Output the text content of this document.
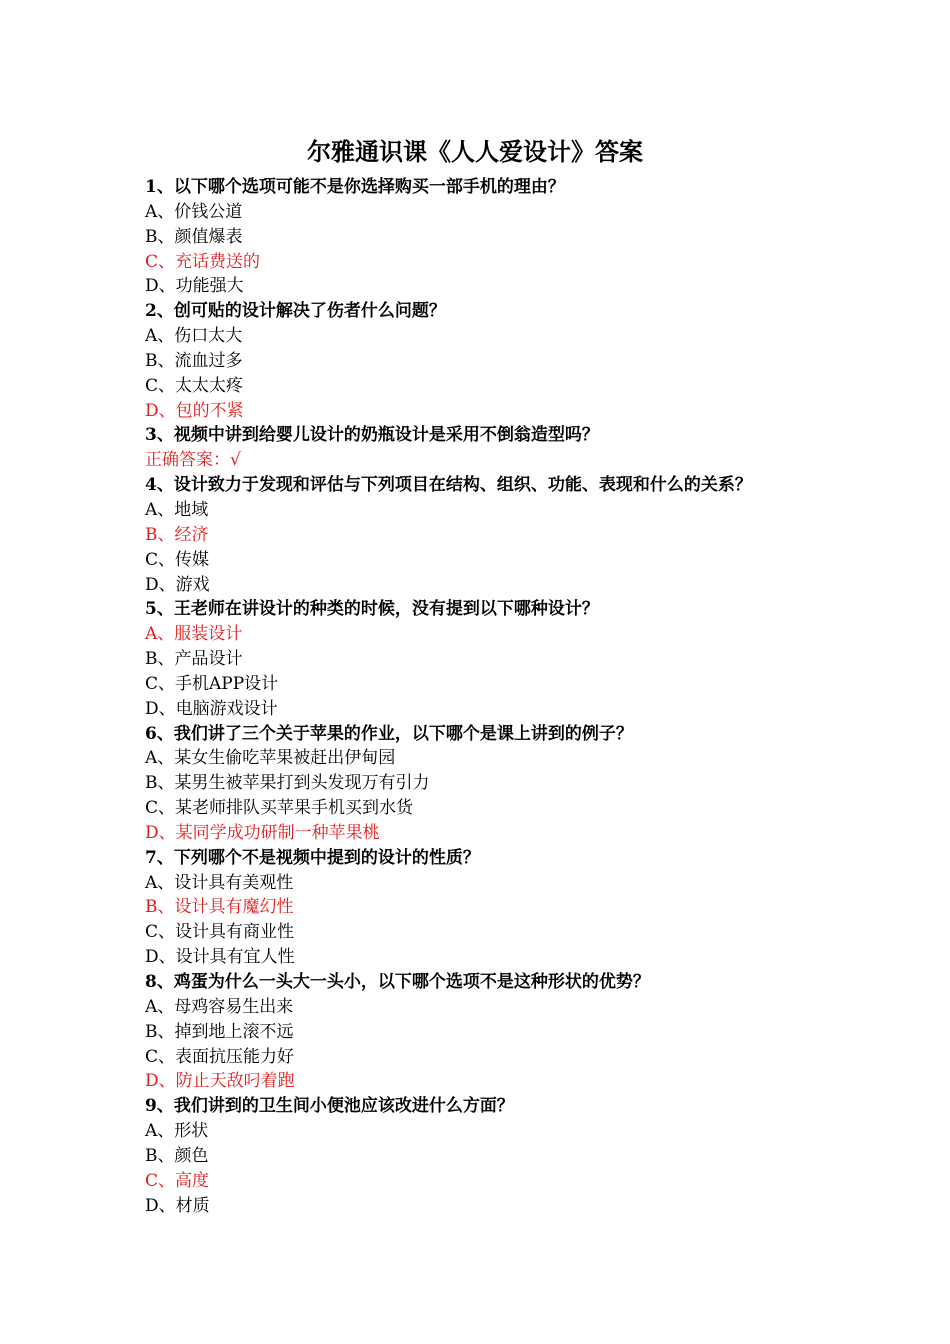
尔雅通识课《人人爱设计》答案
1、以下哪个选项可能不是你选择购买一部手机的理由？
A、价钱公道
B、颜值爆表
C、充话费送的
D、功能强大
2、创可贴的设计解决了伤者什么问题？
A、伤口太大
B、流血过多
C、太太太疼
D、包的不紧
3、视频中讲到给婴儿设计的奶瓶设计是采用不倒翁造型吗？
正确答案：√
4、设计致力于发现和评估与下列项目在结构、组织、功能、表现和什么的关系？
A、地域
B、经济
C、传媒
D、游戏
5、王老师在讲设计的种类的时候，没有提到以下哪种设计？
A、服装设计
B、产品设计
C、手机APP设计
D、电脑游戏设计
6、我们讲了三个关于苹果的作业，以下哪个是课上讲到的例子？
A、某女生偷吃苹果被赶出伊甸园
B、某男生被苹果打到头发现万有引力
C、某老师排队买苹果手机买到水货
D、某同学成功研制一种苹果桃
7、下列哪个不是视频中提到的设计的性质？
A、设计具有美观性
B、设计具有魔幻性
C、设计具有商业性
D、设计具有宜人性
8、鸡蛋为什么一头大一头小，以下哪个选项不是这种形状的优势？
A、母鸡容易生出来
B、掉到地上滚不远
C、表面抗压能力好
D、防止天敌叼着跑
9、我们讲到的卫生间小便池应该改进什么方面？
A、形状
B、颜色
C、高度
D、材质
